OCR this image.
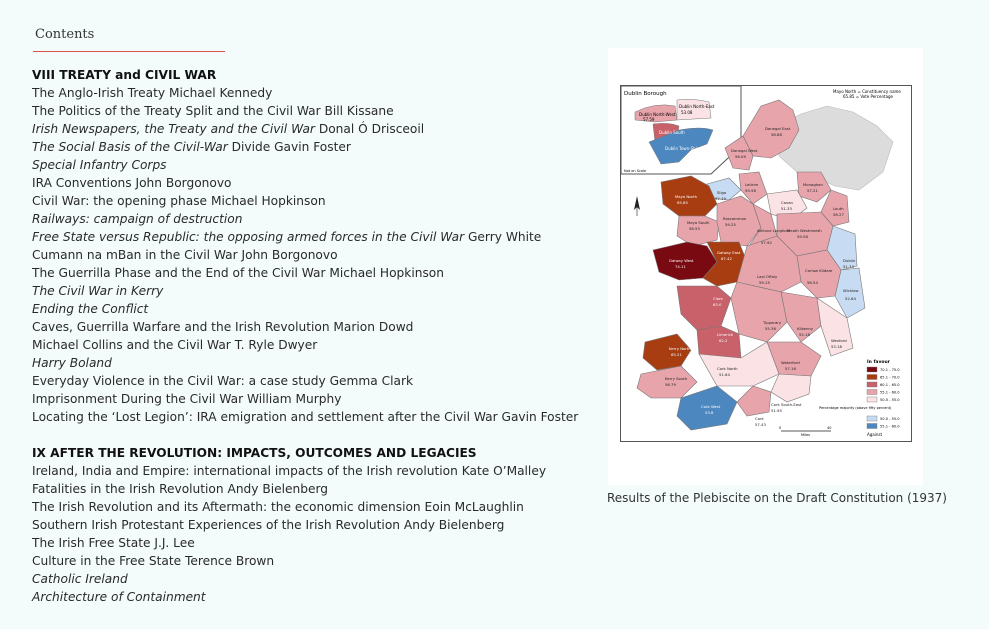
Contents
VIII TREATY and CIVIL WAR
The Anglo-Irish Treaty Michael Kennedy
The Politics of the Treaty Split and the Civil War Bill Kissane
Irish Newspapers, the Treaty and the Civil War Donal Ó Drisceoil
The Social Basis of the Civil-War Divide Gavin Foster
Special Infantry Corps
IRA Conventions John Borgonovo
Civil War: the opening phase Michael Hopkinson
Railways: campaign of destruction
Free State versus Republic: the opposing armed forces in the Civil War Gerry White
Cumann na mBan in the Civil War John Borgonovo
The Guerrilla Phase and the End of the Civil War Michael Hopkinson
The Civil War in Kerry
Ending the Conflict
Caves, Guerrilla Warfare and the Irish Revolution Marion Dowd
Michael Collins and the Civil War T. Ryle Dwyer
Harry Boland
Everyday Violence in the Civil War: a case study Gemma Clark
Imprisonment During the Civil War William Murphy
Locating the ‘Lost Legion’: IRA emigration and settlement after the Civil War Gavin Foster
IX AFTER THE REVOLUTION: IMPACTS, OUTCOMES AND LEGACIES
Ireland, India and Empire: international impacts of the Irish revolution Kate O’Malley
Fatalities in the Irish Revolution Andy Bielenberg
The Irish Revolution and its Aftermath: the economic dimension Eoin McLaughlin
Southern Irish Protestant Experiences of the Irish Revolution Andy Bielenberg
The Irish Free State J.J. Lee
Culture in the Free State Terence Brown
Catholic Ireland
Architecture of Containment
Dublin Borough
Dublin North-West
57.59
Dublin North-East
53.08
Dublin South
Dublin Town-Ship
Not on Scale
Mayo North = Constituency name
65.85 = Vote Percentage
Donegal East
58.88
Donegal West
56.09
Leitrim
59.58
Sligo
52.49
Mayo North
65.85
Mayo South
58.55
Monaghan
57.21
Cavan
51.33	Louth
56.27
Roscommon
59.25
Athlone Longford
57.92
Meath Westmeath
59.58
Galway West
74.11
Galway East
67.42	Dublin
51.74
Carlow Kildare
56.54
Laoi Offaly
59.15
Wicklow
52.64
Clare
63.0
Tipperary
55.36	Kilkenny
55.18
Limerick
62.2	Wexford
53.18
Kerry North
65.21
Waterford
57.16
Kerry South
56.79
Cork North
51.64
Cork West
53.8
Cork
57.43
Cork South-East
51.95
In favour
Percentage majority (above fifty percent)
Against
70.1 - 75.0
65.1 - 70.0
60.1 - 65.0
55.1 - 60.0
50.0 - 55.0
50.0 - 55.0
55.1 - 60.0
0
Miles
40
Results of the Plebiscite on the Draft Constitution (1937)
